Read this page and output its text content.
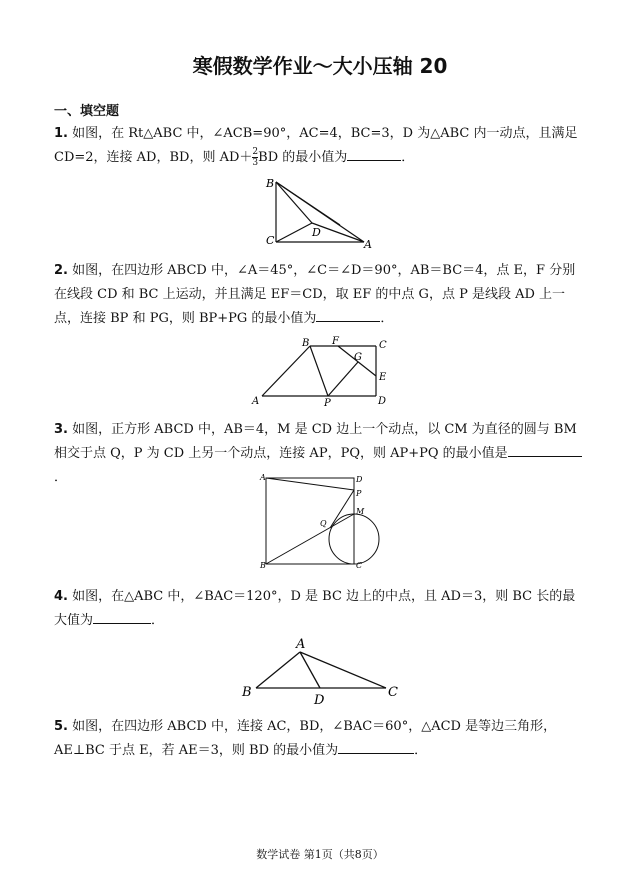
寒假数学作业～大小压轴 20
一、填空题
1. 如图，在 Rt△ABC 中，∠ACB=90°，AC=4，BC=3，D 为△ABC 内一动点，且满足 CD=2，连接 AD，BD，则 $AD+ \frac{2}{3}$ BD 的最小值为	．
B
C
D
A
2. 如图，在四边形 ABCD 中，∠A＝45°，∠C＝∠D＝90°，AB＝BC＝4，点 E，F 分别在线段 CD 和 BC 上运动，并且满足 EF＝CD，取 EF 的中点 G，点 P 是线段 AD 上一点，连接 BP 和 PG，则 BP+PG 的最小值为	．
B F	C
G
E
A	P	D
3. 如图，正方形 ABCD 中，AB＝4，M 是 CD 边上一个动点，以 CM 为直径的圆与 BM 相交于点 Q，P 为 CD 上另一个动点，连接 AP，PQ，则 AP+PQ 的最小值是．	A	D
P
M
Q
B	C
4. 如图，在△ABC 中，∠BAC＝120°，D 是 BC 边上的中点，且 AD＝3，则 BC 长的最大值为	．
A
B
D
C
5. 如图，在四边形 ABCD 中，连接 AC，BD，∠BAC＝60°，△ACD 是等边三角形，AE⊥BC 于点 E，若 AE＝3，则 BD 的最小值为	．
数学试卷 第1页（共8页）
